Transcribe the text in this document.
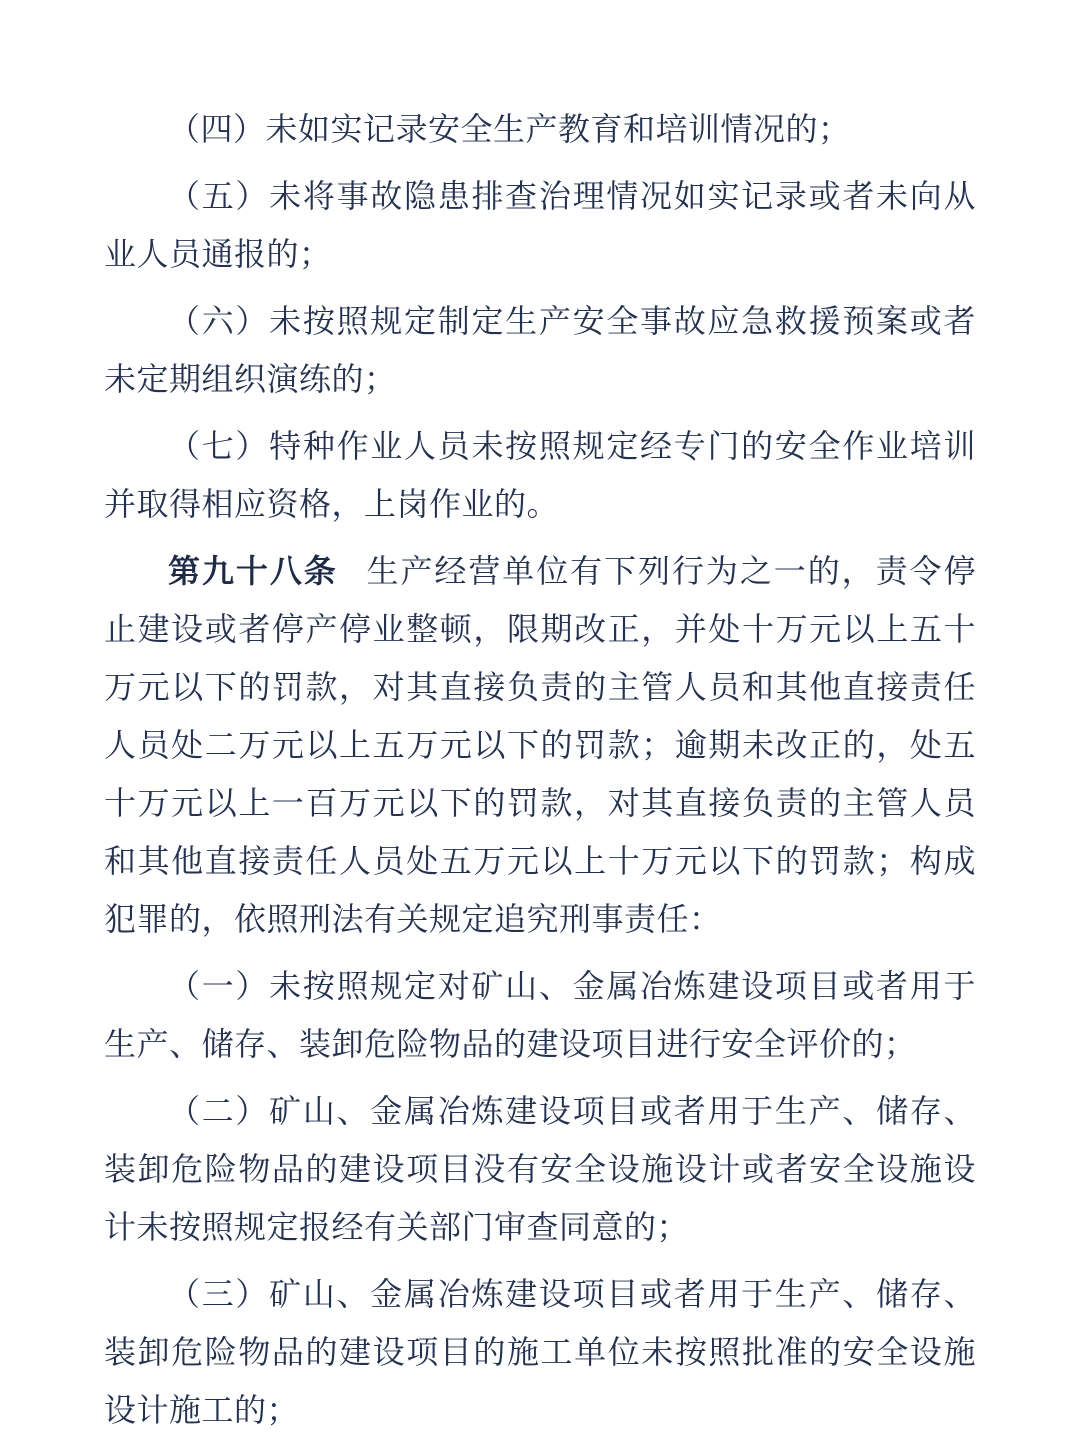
（四）未如实记录安全生产教育和培训情况的；

（五）未将事故隐患排查治理情况如实记录或者未向从业人员通报的；

（六）未按照规定制定生产安全事故应急救援预案或者未定期组织演练的；

（七）特种作业人员未按照规定经专门的安全作业培训并取得相应资格，上岗作业的。

第九十八条 生产经营单位有下列行为之一的，责令停止建设或者停产停业整顿，限期改正，并处十万元以上五十万元以下的罚款，对其直接负责的主管人员和其他直接责任人员处二万元以上五万元以下的罚款；逾期未改正的，处五十万元以上一百万元以下的罚款，对其直接负责的主管人员和其他直接责任人员处五万元以上十万元以下的罚款；构成犯罪的，依照刑法有关规定追究刑事责任：

（一）未按照规定对矿山、金属冶炼建设项目或者用于生产、储存、装卸危险物品的建设项目进行安全评价的；

（二）矿山、金属冶炼建设项目或者用于生产、储存、装卸危险物品的建设项目没有安全设施设计或者安全设施设计未按照规定报经有关部门审查同意的；

（三）矿山、金属冶炼建设项目或者用于生产、储存、装卸危险物品的建设项目的施工单位未按照批准的安全设施设计施工的；
